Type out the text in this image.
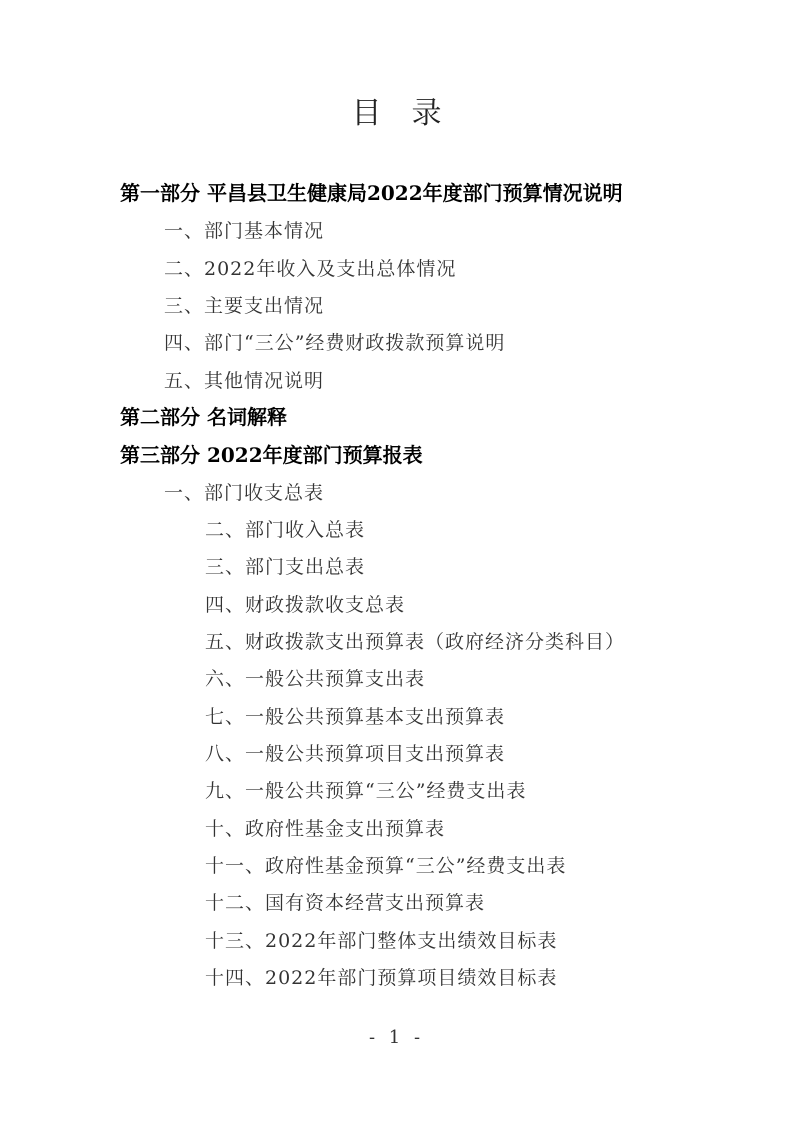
目录
第一部分 平昌县卫生健康局2022年度部门预算情况说明
一、部门基本情况
二、2022年收入及支出总体情况
三、主要支出情况
四、部门“三公”经费财政拨款预算说明
五、其他情况说明
第二部分 名词解释
第三部分 2022年度部门预算报表
一、部门收支总表
二、部门收入总表
三、部门支出总表
四、财政拨款收支总表
五、财政拨款支出预算表（政府经济分类科目）
六、一般公共预算支出表
七、一般公共预算基本支出预算表
八、一般公共预算项目支出预算表
九、一般公共预算“三公”经费支出表
十、政府性基金支出预算表
十一、政府性基金预算“三公”经费支出表
十二、国有资本经营支出预算表
十三、2022年部门整体支出绩效目标表
十四、2022年部门预算项目绩效目标表
- 1 -
